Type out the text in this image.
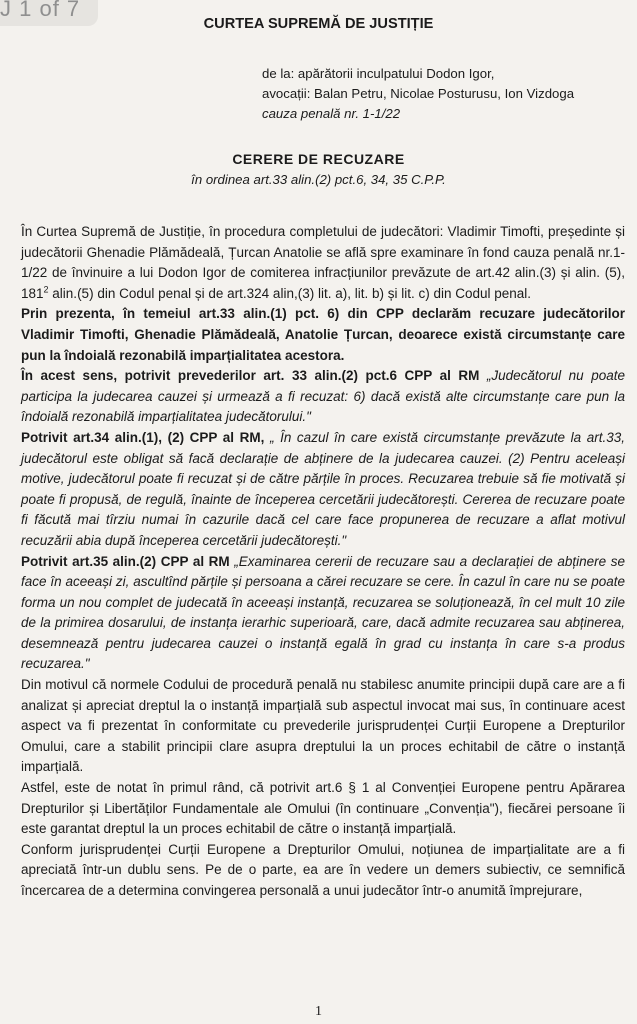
J 1 of 7
CURTEA SUPREMĂ DE JUSTIȚIE
de la: apărătorii inculpatului Dodon Igor,
avocații: Balan Petru, Nicolae Posturusu, Ion Vizdoga
cauza penală nr. 1-1/22
CERERE DE RECUZARE
în ordinea art.33 alin.(2) pct.6, 34, 35 C.P.P.

În Curtea Supremă de Justiție, în procedura completului de judecători: Vladimir Timofti, președinte și judecătorii Ghenadie Plămădeală, Țurcan Anatolie se află spre examinare în fond cauza penală nr.1-1/22 de învinuire a lui Dodon Igor de comiterea infracțiunilor prevăzute de art.42 alin.(3) și alin. (5), $181^2$ alin.(5) din Codul penal și de art.324 alin,(3) lit. a), lit. b) și lit. c) din Codul penal.

Prin prezenta, în temeiul art.33 alin.(1) pct. 6) din CPP declarăm recuzare judecătorilor Vladimir Timofti, Ghenadie Plămădeală, Anatolie Țurcan, deoarece există circumstanțe care pun la îndoială rezonabilă imparțialitatea acestora.

În acest sens, potrivit prevederilor art. 33 alin.(2) pct.6 CPP al RM „Judecătorul nu poate participa la judecarea cauzei și urmează a fi recuzat: 6) dacă există alte circumstanțe care pun la îndoială rezonabilă imparțialitatea judecătorului."

Potrivit art.34 alin.(1), (2) CPP al RM, „ În cazul în care există circumstanțe prevăzute la art.33, judecătorul este obligat să facă declarație de abținere de la judecarea cauzei. (2) Pentru aceleași motive, judecătorul poate fi recuzat și de către părțile în proces. Recuzarea trebuie să fie motivată și poate fi propusă, de regulă, înainte de începerea cercetării judecătorești. Cererea de recuzare poate fi făcută mai tîrziu numai în cazurile dacă cel care face propunerea de recuzare a aflat motivul recuzării abia după începerea cercetării judecătorești."

Potrivit art.35 alin.(2) CPP al RM „Examinarea cererii de recuzare sau a declarației de abținere se face în aceeași zi, ascultînd părțile și persoana a cărei recuzare se cere. În cazul în care nu se poate forma un nou complet de judecată în aceeași instanță, recuzarea se soluționează, în cel mult 10 zile de la primirea dosarului, de instanța ierarhic superioară, care, dacă admite recuzarea sau abținerea, desemnează pentru judecarea cauzei o instanță egală în grad cu instanța în care s-a produs recuzarea."

Din motivul că normele Codului de procedură penală nu stabilesc anumite principii după care are a fi analizat și apreciat dreptul la o instanță imparțială sub aspectul invocat mai sus, în continuare acest aspect va fi prezentat în conformitate cu prevederile jurisprudenței Curții Europene a Drepturilor Omului, care a stabilit principii clare asupra dreptului la un proces echitabil de către o instanță imparțială.

Astfel, este de notat în primul rând, că potrivit art.6 § 1 al Convenției Europene pentru Apărarea Drepturilor și Libertăților Fundamentale ale Omului (în continuare „Convenția"), fiecărei persoane îi este garantat dreptul la un proces echitabil de către o instanță imparțială.

Conform jurisprudenței Curții Europene a Drepturilor Omului, noțiunea de imparțialitate are a fi apreciată într-un dublu sens. Pe de o parte, ea are în vedere un demers subiectiv, ce semnifică încercarea de a determina convingerea personală a unui judecător într-o anumită împrejurare,

1
